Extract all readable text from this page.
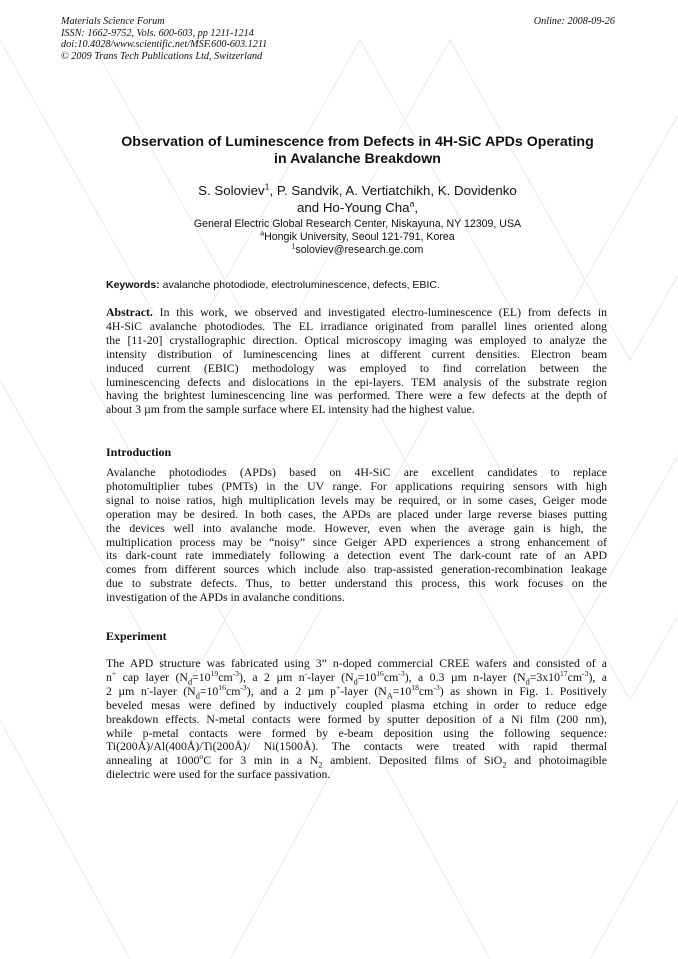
Materials Science Forum
ISSN: 1662-9752, Vols. 600-603, pp 1211-1214
doi:10.4028/www.scientific.net/MSF.600-603.1211
© 2009 Trans Tech Publications Ltd, Switzerland
Online: 2008-09-26
Observation of Luminescence from Defects in 4H-SiC APDs Operating
in Avalanche Breakdown
S. Soloviev$^1$, P. Sandvik, A. Vertiatchikh, K. Dovidenko
and Ho-Young Cha$^a$,
General Electric Global Research Center, Niskayuna, NY 12309, USA
$^a$Hongik University, Seoul 121-791, Korea
$^1$soloviev@research.ge.com
Keywords: avalanche photodiode, electroluminescence, defects, EBIC.
Abstract. In this work, we observed and investigated electro-luminescence (EL) from defects in
4H-SiC avalanche photodiodes. The EL irradiance originated from parallel lines oriented along
the [11-20] crystallographic direction. Optical microscopy imaging was employed to analyze the
intensity distribution of luminescencing lines at different current densities. Electron beam
induced current (EBIC) methodology was employed to find correlation between the
luminescencing defects and dislocations in the epi-layers. TEM analysis of the substrate region
having the brightest luminescencing line was performed. There were a few defects at the depth of
about 3 µm from the sample surface where EL intensity had the highest value.
Introduction
Avalanche photodiodes (APDs) based on 4H-SiC are excellent candidates to replace
photomultiplier tubes (PMTs) in the UV range. For applications requiring sensors with high
signal to noise ratios, high multiplication levels may be required, or in some cases, Geiger mode
operation may be desired. In both cases, the APDs are placed under large reverse biases putting
the devices well into avalanche mode. However, even when the average gain is high, the
multiplication process may be “noisy” since Geiger APD experiences a strong enhancement of
its dark-count rate immediately following a detection event The dark-count rate of an APD
comes from different sources which include also trap-assisted generation-recombination leakage
due to substrate defects. Thus, to better understand this process, this work focuses on the
investigation of the APDs in avalanche conditions.
Experiment
The APD structure was fabricated using 3” n-doped commercial CREE wafers and consisted of a
n+ cap layer $(N_d=10^{19}cm^{-3})$, a 2 µm n--layer $(N_d=10^{16}cm^{-3})$, a 0.3 µm n-layer $(N_d=3x10^{17}cm^{-3})$, a
2 µm n--layer $(N_d=10^{16}cm^{-3})$, and a 2 µm p+-layer $(N_A=10^{18}cm^{-3})$ as shown in Fig. 1. Positively
beveled mesas were defined by inductively coupled plasma etching in order to reduce edge
breakdown effects. N-metal contacts were formed by sputter deposition of a Ni film (200 nm),
while p-metal contacts were formed by e-beam deposition using the following sequence:
Ti(200Å)/Al(400Å)/Ti(200Å)/ Ni(1500Å). The contacts were treated with rapid thermal
annealing at 1000$^o$C for 3 min in a $N_2$ ambient. Deposited films of SiO$_2$ and photoimagible
dielectric were used for the surface passivation.
